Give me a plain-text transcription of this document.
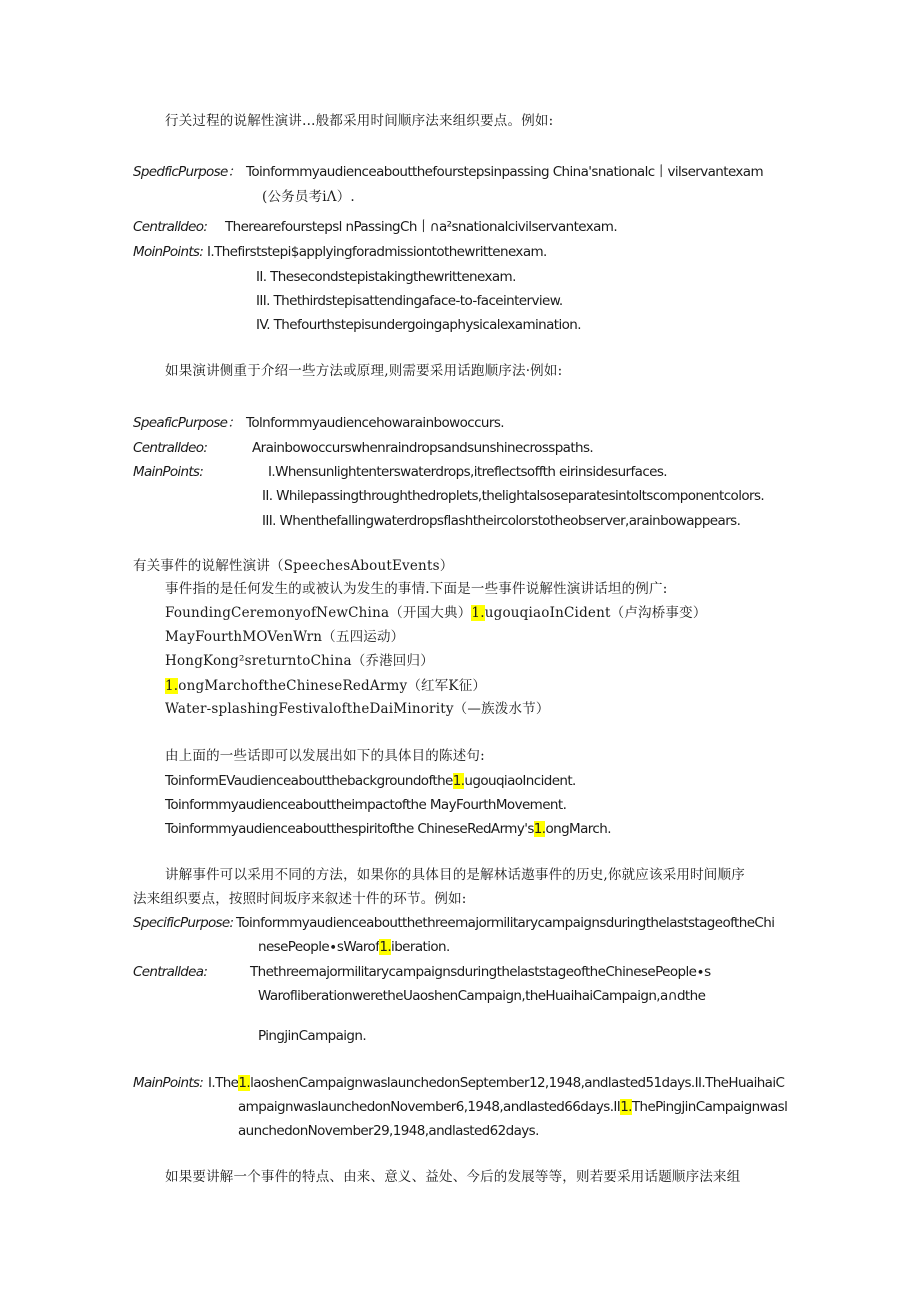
行关过程的说解性演讲…般都采用时间顺序法来组织要点。例如:
SpedficPurpose： Toinformmyaudienceaboutthefourstepsinpassing China'snationalc丨vilservantexam
(公务员考iΛ）.
Centralldeo: Therearefourstepsl nPassingCh丨∩a²snationalcivilservantexam.
MoinPoints: I.Thefirststepi$applyingforadmissiontothewrittenexam.
II. Thesecondstepistakingthewrittenexam.
III. Thethirdstepisattendingaface-to-faceinterview.
IV. Thefourthstepisundergoingaphysicalexamination.
如果演讲侧重于介绍一些方法或原理,则需要采用话跑顺序法·例如:
SpeaficPurpose： Tolnformmyaudiencehowarainbowoccurs.
Centralldeo:	Arainbowoccurswhenraindropsandsunshinecrosspaths.
MainPoints:	I.Whensunlightenterswaterdrops,itreflectsoffth eirinsidesurfaces.
II. Whilepassingthroughthedroplets,thelightalsoseparatesintoltscomponentcolors.
III. Whenthefallingwaterdropsflashtheircolorstotheobserver,arainbowappears.
有关事件的说解性演讲（SpeechesAboutEvents）
事件指的是任何发生的或被认为发生的事情.下面是一些事件说解性演讲话坦的例广:
FoundingCeremonyofNewChina（开国大典）1.ugouqiaoInCident（卢沟桥事变）
MayFourthMOVenWrn（五四运动）
HongKong²sreturntoChina（乔港回归）
1.ongMarchoftheChineseRedArmy（红军K征）
Water-splashingFestivaloftheDaiMinority（—族泼水节）
由上面的一些话即可以发展出如下的具体目的陈述句:
ToinformEVaudienceaboutthebackgroundofthe1.ugouqiaoIncident.
Toinformmyaudienceabouttheimpactofthe MayFourthMovement.
Toinformmyaudienceaboutthespiritofthe ChineseRedArmy's1.ongMarch.
讲解事件可以采用不同的方法，如果你的具体目的是解林话遨事件的历史,你就应该采用时间顺序
法来组织要点，按照时间坂序来叙述十件的环节。例如:
SpecificPurpose: ToinformmyaudienceaboutthethreemajormilitarycampaignsduringthelaststageoftheChi
nesePeople∙sWarof1.iberation.
Centralldea:	ThethreemajormilitarycampaignsduringthelaststageoftheChinesePeople∙s
WarofliberationweretheUaoshenCampaign,theHuaihaiCampaign,a∩dthe
PingjinCampaign.
MainPoints: I.The1.laoshenCampaignwaslaunchedonSeptember12,1948,andlasted51days.II.TheHuaihaiC
ampaignwaslaunchedonNovember6,1948,andlasted66days.II1.ThePingjinCampaignwasl
aunchedonNovember29,1948,andlasted62days.
如果要讲解一个事件的特点、由来、意义、益处、今后的发展等等，则若要采用话题顺序法来组
